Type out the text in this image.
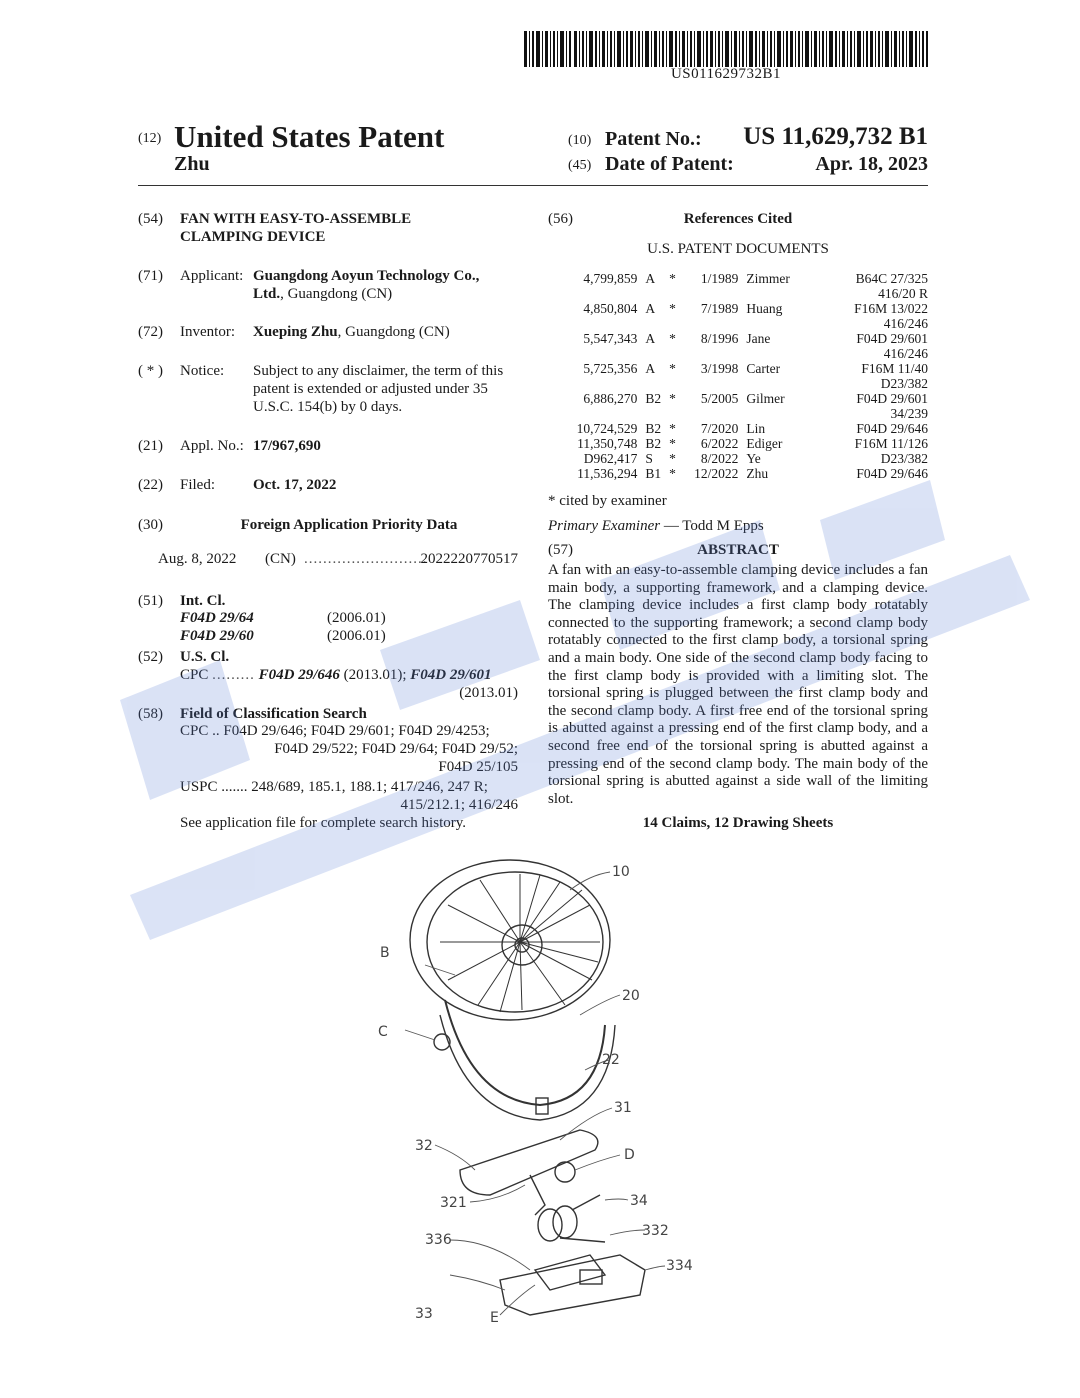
US011629732B1
(12) United States Patent
Zhu
(10) Patent No.:	US 11,629,732 B1
(45) Date of Patent:	Apr. 18, 2023
(54) FAN WITH EASY-TO-ASSEMBLE
CLAMPING DEVICE
(71) Applicant: Guangdong Aoyun Technology Co.,
Ltd., Guangdong (CN)
(72) Inventor: Xueping Zhu, Guangdong (CN)
( * ) Notice: Subject to any disclaimer, the term of this
patent is extended or adjusted under 35
U.S.C. 154(b) by 0 days.
(21) Appl. No.: 17/967,690
(22) Filed:	Oct. 17, 2022
(30)	Foreign Application Priority Data
Aug. 8, 2022 (CN) ..........................
2022220770517
(51) Int. Cl.
F04D 29/64	(2006.01)
F04D 29/60	(2006.01)
(52) U.S. Cl.
CPC ......... F04D 29/646 (2013.01); F04D 29/601
(2013.01)
(58) Field of Classification Search
CPC .. F04D 29/646; F04D 29/601; F04D 29/4253;
F04D 29/522; F04D 29/64; F04D 29/52;
F04D 25/105
USPC ....... 248/689, 185.1, 188.1; 417/246, 247 R;
415/212.1; 416/246
See application file for complete search history.
(56)	References Cited
U.S. PATENT DOCUMENTS
4,799,859	A	*	1/1989	Zimmer	B64C 27/325
416/20 R					
4,850,804	A	*	7/1989	Huang	F16M 13/022
416/246					
5,547,343	A	*	8/1996	Jane	F04D 29/601
416/246					
5,725,356	A	*	3/1998	Carter	F16M 11/40
D23/382					
6,886,270	B2	*	5/2005	Gilmer	F04D 29/601
34/239					
10,724,529	B2	*	7/2020	Lin	F04D 29/646
11,350,748	B2	*	6/2022	Ediger	F16M 11/126
D962,417	S	*	8/2022	Ye	D23/382
11,536,294	B1	*	12/2022	Zhu	F04D 29/646
* cited by examiner
Primary Examiner — Todd M Epps
(57)	ABSTRACT
A fan with an easy-to-assemble clamping device includes a fan main body, a supporting framework, and a clamping device. The clamping device includes a first clamp body rotatably connected to the supporting framework; a second clamp body rotatably connected to the first clamp body, a torsional spring and a main body. One side of the second clamp body facing to the first clamp body is provided with a limiting slot. The torsional spring is plugged between the first clamp body and the second clamp body. A first free end of the torsional spring is abutted against a pressing end of the first clamp body, and a second free end of the torsional spring is abutted against a pressing end of the second clamp body. The main body of the torsional spring is abutted against a side wall of the limiting slot.
14 Claims, 12 Drawing Sheets
10
B
20
C
22
31
32
D
321	34
332
336
334
33	E
